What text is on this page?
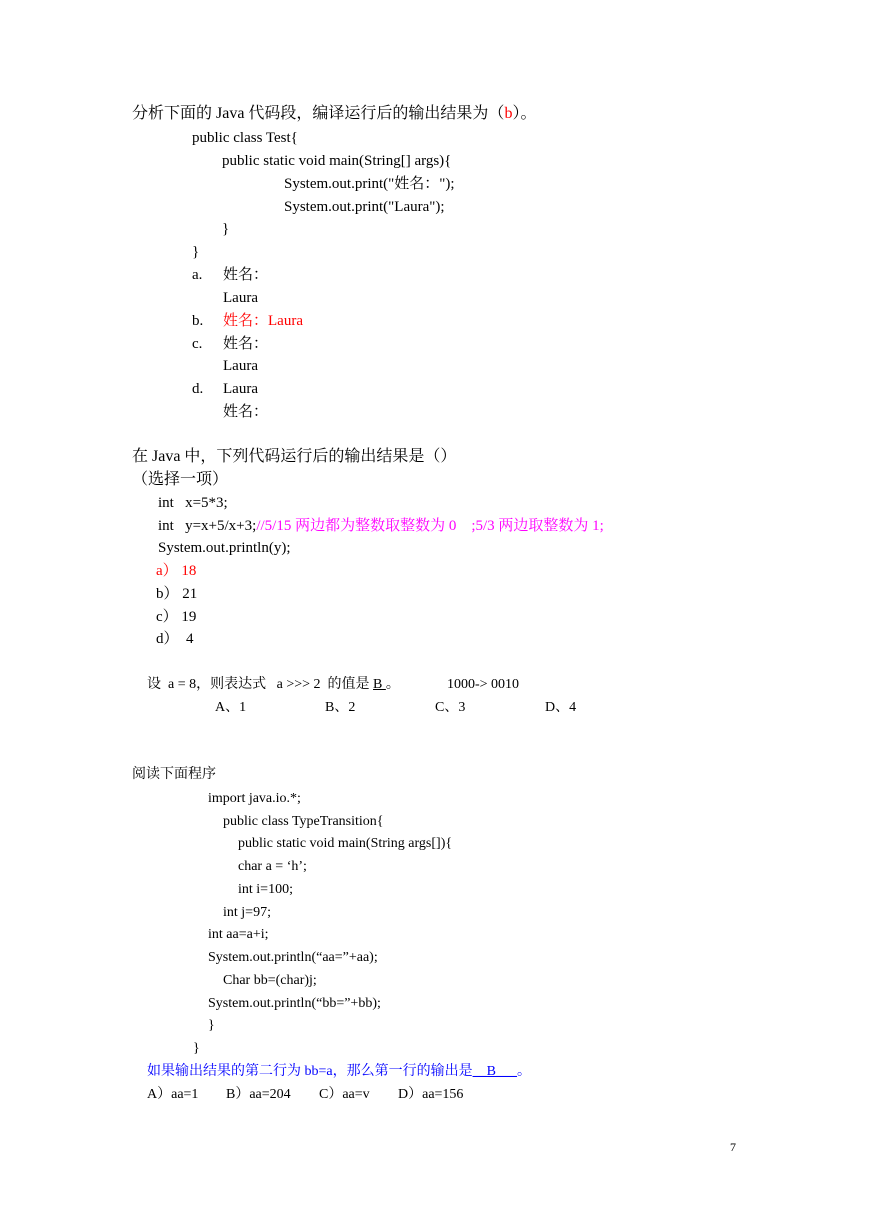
分析下面的 Java 代码段，编译运行后的输出结果为（b）。
public class Test{
public static void main(String[] args){
System.out.print("姓名：");
System.out.print("Laura");
}
}
a. 姓名：
Laura
b. 姓名：Laura
c. 姓名：
Laura
d. Laura
姓名：
在 Java 中，下列代码运行后的输出结果是（）
（选择一项）
int   x=5*3;
int   y=x+5/x+3;//5/15 两边都为整数取整数为 0    ;5/3 两边取整数为 1;
System.out.println(y);
a） 18
b） 21
c） 19
d）  4
设  a = 8，则表达式   a >>> 2  的值是 B 。	1000-> 0010
A、1	B、2	C、3	D、4
阅读下面程序
import java.io.*;
public class TypeTransition{
public static void main(String args[]){
char a = ‘h’;
int i=100;
int j=97;
int aa=a+i;
System.out.println(“aa=”+aa);
Char bb=(char)j;
System.out.println(“bb=”+bb);
}
}
如果输出结果的第二行为 bb=a，那么第一行的输出是__B___。
A）aa=1 B）aa=204 C）aa=v D）aa=156
7
